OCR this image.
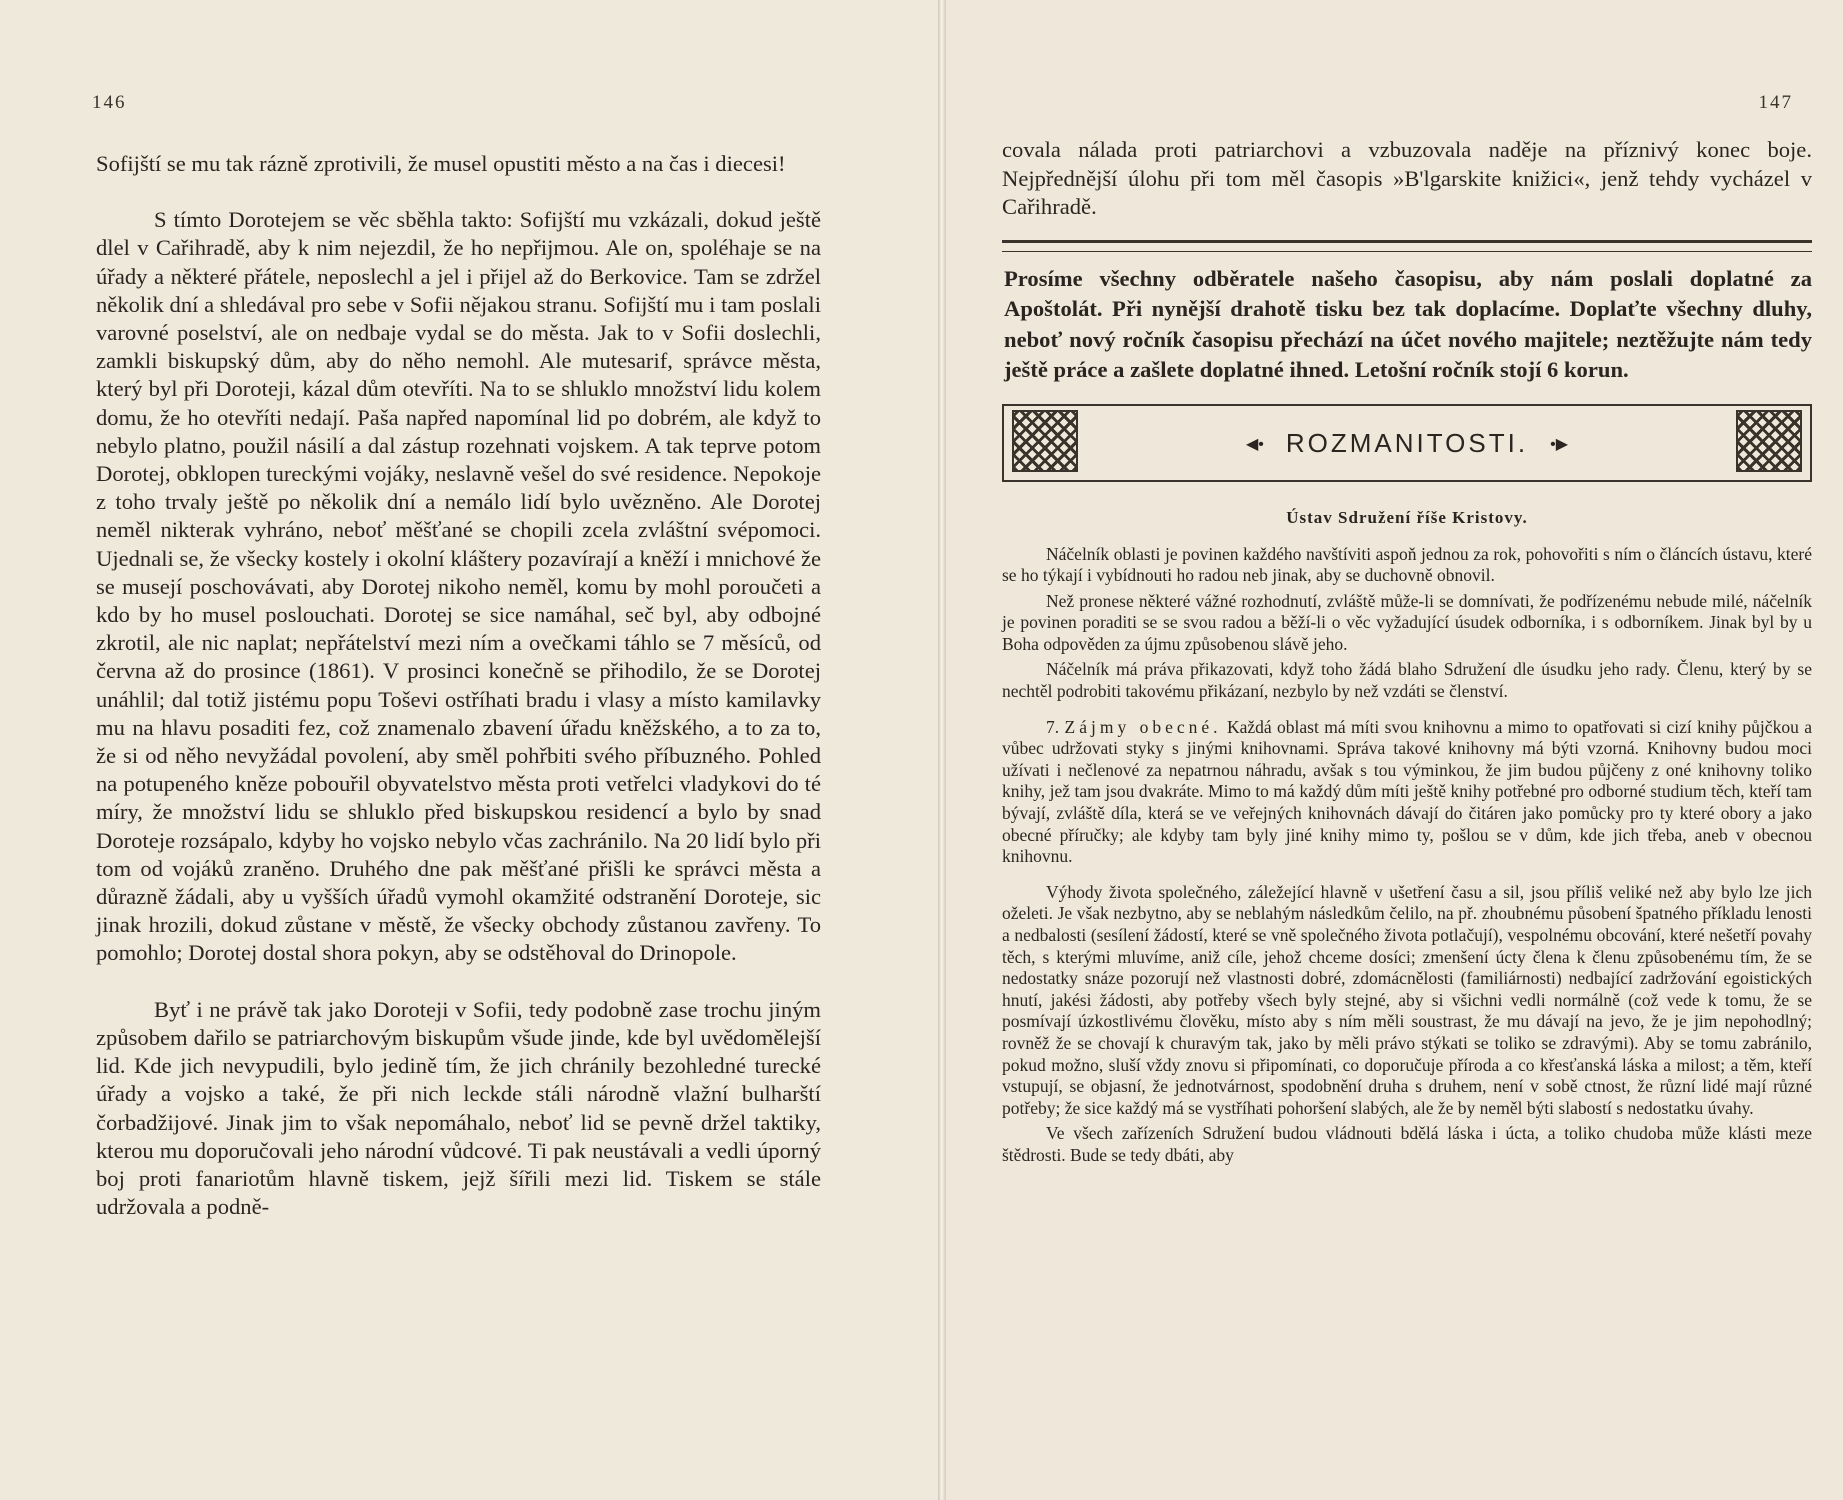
146

Sofijští se mu tak rázně zprotivili, že musel opustiti město a na čas i diecesi!

S tímto Dorotejem se věc sběhla takto: Sofijští mu vzkázali, dokud ještě dlel v Cařihradě, aby k nim nejezdil, že ho nepřijmou. Ale on, spoléhaje se na úřady a některé přátele, neposlechl a jel i přijel až do Berkovice. Tam se zdržel několik dní a shledával pro sebe v Sofii nějakou stranu. Sofijští mu i tam poslali varovné poselství, ale on nedbaje vydal se do města. Jak to v Sofii doslechli, zamkli biskupský dům, aby do něho nemohl. Ale mutesarif, správce města, který byl při Doroteji, kázal dům otevříti. Na to se shluklo množství lidu kolem domu, že ho otevříti nedají. Paša napřed napomínal lid po dobrém, ale když to nebylo platno, použil násilí a dal zástup rozehnati vojskem. A tak teprve potom Dorotej, obklopen tureckými vojáky, neslavně vešel do své residence. Nepokoje z toho trvaly ještě po několik dní a nemálo lidí bylo uvězněno. Ale Dorotej neměl nikterak vyhráno, neboť měšťané se chopili zcela zvláštní svépomoci. Ujednali se, že všecky kostely i okolní kláštery pozavírají a kněží i mnichové že se musejí poschovávati, aby Dorotej nikoho neměl, komu by mohl poroučeti a kdo by ho musel poslouchati. Dorotej se sice namáhal, seč byl, aby odbojné zkrotil, ale nic naplat; nepřátelství mezi ním a ovečkami táhlo se 7 měsíců, od června až do prosince (1861). V prosinci konečně se přihodilo, že se Dorotej unáhlil; dal totiž jistému popu Toševi ostříhati bradu i vlasy a místo kamilavky mu na hlavu posaditi fez, což znamenalo zbavení úřadu kněžského, a to za to, že si od něho nevyžádal povolení, aby směl pohřbiti svého příbuzného. Pohled na potupeného kněze pobouřil obyvatelstvo města proti vetřelci vladykovi do té míry, že množství lidu se shluklo před biskupskou residencí a bylo by snad Doroteje rozsápalo, kdyby ho vojsko nebylo včas zachránilo. Na 20 lidí bylo při tom od vojáků zraněno. Druhého dne pak měšťané přišli ke správci města a důrazně žádali, aby u vyšších úřadů vymohl okamžité odstranění Doroteje, sic jinak hrozili, dokud zůstane v městě, že všecky obchody zůstanou zavřeny. To pomohlo; Dorotej dostal shora pokyn, aby se odstěhoval do Drinopole.

Byť i ne právě tak jako Doroteji v Sofii, tedy podobně zase trochu jiným způsobem dařilo se patriarchovým biskupům všude jinde, kde byl uvědomělejší lid. Kde jich nevypudili, bylo jedině tím, že jich chránily bezohledné turecké úřady a vojsko a také, že při nich leckde stáli národně vlažní bulharští čorbadžijové. Jinak jim to však nepomáhalo, neboť lid se pevně držel taktiky, kterou mu doporučovali jeho národní vůdcové. Ti pak neustávali a vedli úporný boj proti fanariotům hlavně tiskem, jejž šířili mezi lid. Tiskem se stále udržovala a podně-

147

covala nálada proti patriarchovi a vzbuzovala naděje na příznivý konec boje. Nejpřednější úlohu při tom měl časopis »B'lgarskite knižici«, jenž tehdy vycházel v Cařihradě.

Prosíme všechny odběratele našeho časopisu, aby nám poslali doplatné za Apoštolát. Při nynější drahotě tisku bez tak doplacíme. Doplaťte všechny dluhy, neboť nový ročník časopisu přechází na účet nového majitele; neztěžujte nám tedy ještě práce a zašlete doplatné ihned. Letošní ročník stojí 6 korun.

◀• ROZMANITOSTI. •▶
Ústav Sdružení říše Kristovy.

Náčelník oblasti je povinen každého navštíviti aspoň jednou za rok, pohovořiti s ním o článcích ústavu, které se ho týkají i vybídnouti ho radou neb jinak, aby se duchovně obnovil.

Než pronese některé vážné rozhodnutí, zvláště může-li se domnívati, že podřízenému nebude milé, náčelník je povinen poraditi se se svou radou a běží-li o věc vyžadující úsudek odborníka, i s odborníkem. Jinak byl by u Boha odpověden za újmu způsobenou slávě jeho.

Náčelník má práva přikazovati, když toho žádá blaho Sdružení dle úsudku jeho rady. Členu, který by se nechtěl podrobiti takovému přikázaní, nezbylo by než vzdáti se členství.

7. Zájmy obecné. Každá oblast má míti svou knihovnu a mimo to opatřovati si cizí knihy půjčkou a vůbec udržovati styky s jinými knihovnami. Správa takové knihovny má býti vzorná. Knihovny budou moci užívati i nečlenové za nepatrnou náhradu, avšak s tou výminkou, že jim budou půjčeny z oné knihovny toliko knihy, jež tam jsou dvakráte. Mimo to má každý dům míti ještě knihy potřebné pro odborné studium těch, kteří tam bývají, zvláště díla, která se ve veřejných knihovnách dávají do čitáren jako pomůcky pro ty které obory a jako obecné příručky; ale kdyby tam byly jiné knihy mimo ty, pošlou se v dům, kde jich třeba, aneb v obecnou knihovnu.

Výhody života společného, záležející hlavně v ušetření času a sil, jsou příliš veliké než aby bylo lze jich oželeti. Je však nezbytno, aby se neblahým následkům čelilo, na př. zhoubnému působení špatného příkladu lenosti a nedbalosti (sesílení žádostí, které se vně společného života potlačují), vespolnému obcování, které nešetří povahy těch, s kterými mluvíme, aniž cíle, jehož chceme dosíci; zmenšení úcty člena k členu způsobenému tím, že se nedostatky snáze pozorují než vlastnosti dobré, zdomácnělosti (familiárnosti) nedbající zadržování egoistických hnutí, jakési žádosti, aby potřeby všech byly stejné, aby si všichni vedli normálně (což vede k tomu, že se posmívají úzkostlivému člověku, místo aby s ním měli soustrast, že mu dávají na jevo, že je jim nepohodlný; rovněž že se chovají k churavým tak, jako by měli právo stýkati se toliko se zdravými). Aby se tomu zabránilo, pokud možno, sluší vždy znovu si připomínati, co doporučuje příroda a co křesťanská láska a milost; a těm, kteří vstupují, se objasní, že jednotvárnost, spodobnění druha s druhem, není v sobě ctnost, že různí lidé mají různé potřeby; že sice každý má se vystříhati pohoršení slabých, ale že by neměl býti slabostí s nedostatku úvahy.

Ve všech zařízeních Sdružení budou vládnouti bdělá láska i úcta, a toliko chudoba může klásti meze štědrosti. Bude se tedy dbáti, aby
